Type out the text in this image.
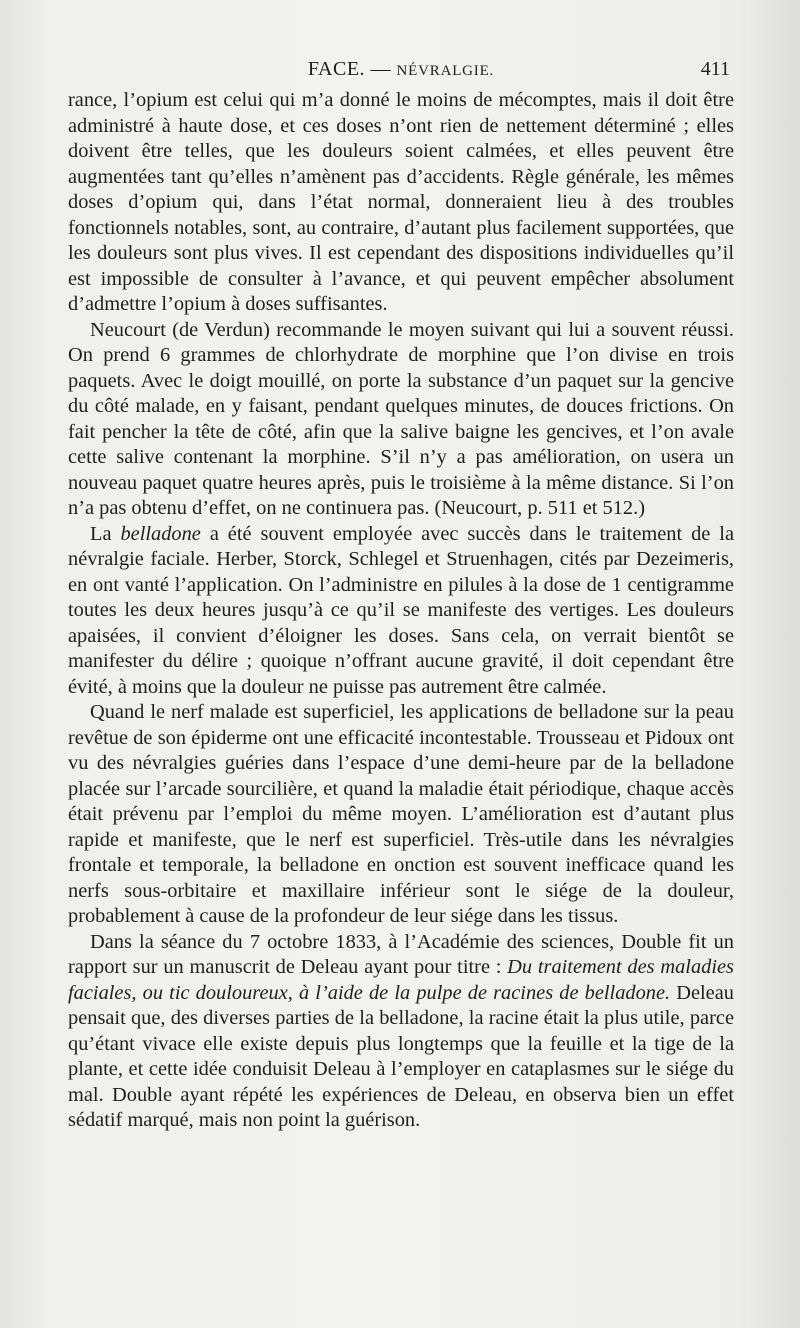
FACE. — NÉVRALGIE.	411

rance, l’opium est celui qui m’a donné le moins de mécomptes, mais il doit être administré à haute dose, et ces doses n’ont rien de nettement déterminé ; elles doivent être telles, que les douleurs soient calmées, et elles peuvent être augmentées tant qu’elles n’amènent pas d’accidents. Règle générale, les mêmes doses d’opium qui, dans l’état normal, donneraient lieu à des troubles fonctionnels notables, sont, au contraire, d’autant plus facilement supportées, que les douleurs sont plus vives. Il est cependant des dispositions individuelles qu’il est impossible de consulter à l’avance, et qui peuvent empêcher absolument d’admettre l’opium à doses suffisantes.

Neucourt (de Verdun) recommande le moyen suivant qui lui a souvent réussi. On prend 6 grammes de chlorhydrate de morphine que l’on divise en trois paquets. Avec le doigt mouillé, on porte la substance d’un paquet sur la gencive du côté malade, en y faisant, pendant quelques minutes, de douces frictions. On fait pencher la tête de côté, afin que la salive baigne les gencives, et l’on avale cette salive contenant la morphine. S’il n’y a pas amélioration, on usera un nouveau paquet quatre heures après, puis le troisième à la même distance. Si l’on n’a pas obtenu d’effet, on ne continuera pas. (Neucourt, p. 511 et 512.)

La belladone a été souvent employée avec succès dans le traitement de la névralgie faciale. Herber, Storck, Schlegel et Struenhagen, cités par Dezeimeris, en ont vanté l’application. On l’administre en pilules à la dose de 1 centigramme toutes les deux heures jusqu’à ce qu’il se manifeste des vertiges. Les douleurs apaisées, il convient d’éloigner les doses. Sans cela, on verrait bientôt se manifester du délire ; quoique n’offrant aucune gravité, il doit cependant être évité, à moins que la douleur ne puisse pas autrement être calmée.

Quand le nerf malade est superficiel, les applications de belladone sur la peau revêtue de son épiderme ont une efficacité incontestable. Trousseau et Pidoux ont vu des névralgies guéries dans l’espace d’une demi-heure par de la belladone placée sur l’arcade sourcilière, et quand la maladie était périodique, chaque accès était prévenu par l’emploi du même moyen. L’amélioration est d’autant plus rapide et manifeste, que le nerf est superficiel. Très-utile dans les névralgies frontale et temporale, la belladone en onction est souvent inefficace quand les nerfs sous-orbitaire et maxillaire inférieur sont le siége de la douleur, probablement à cause de la profondeur de leur siége dans les tissus.

Dans la séance du 7 octobre 1833, à l’Académie des sciences, Double fit un rapport sur un manuscrit de Deleau ayant pour titre : Du traitement des maladies faciales, ou tic douloureux, à l’aide de la pulpe de racines de belladone. Deleau pensait que, des diverses parties de la belladone, la racine était la plus utile, parce qu’étant vivace elle existe depuis plus longtemps que la feuille et la tige de la plante, et cette idée conduisit Deleau à l’employer en cataplasmes sur le siége du mal. Double ayant répété les expériences de Deleau, en observa bien un effet sédatif marqué, mais non point la guérison.
